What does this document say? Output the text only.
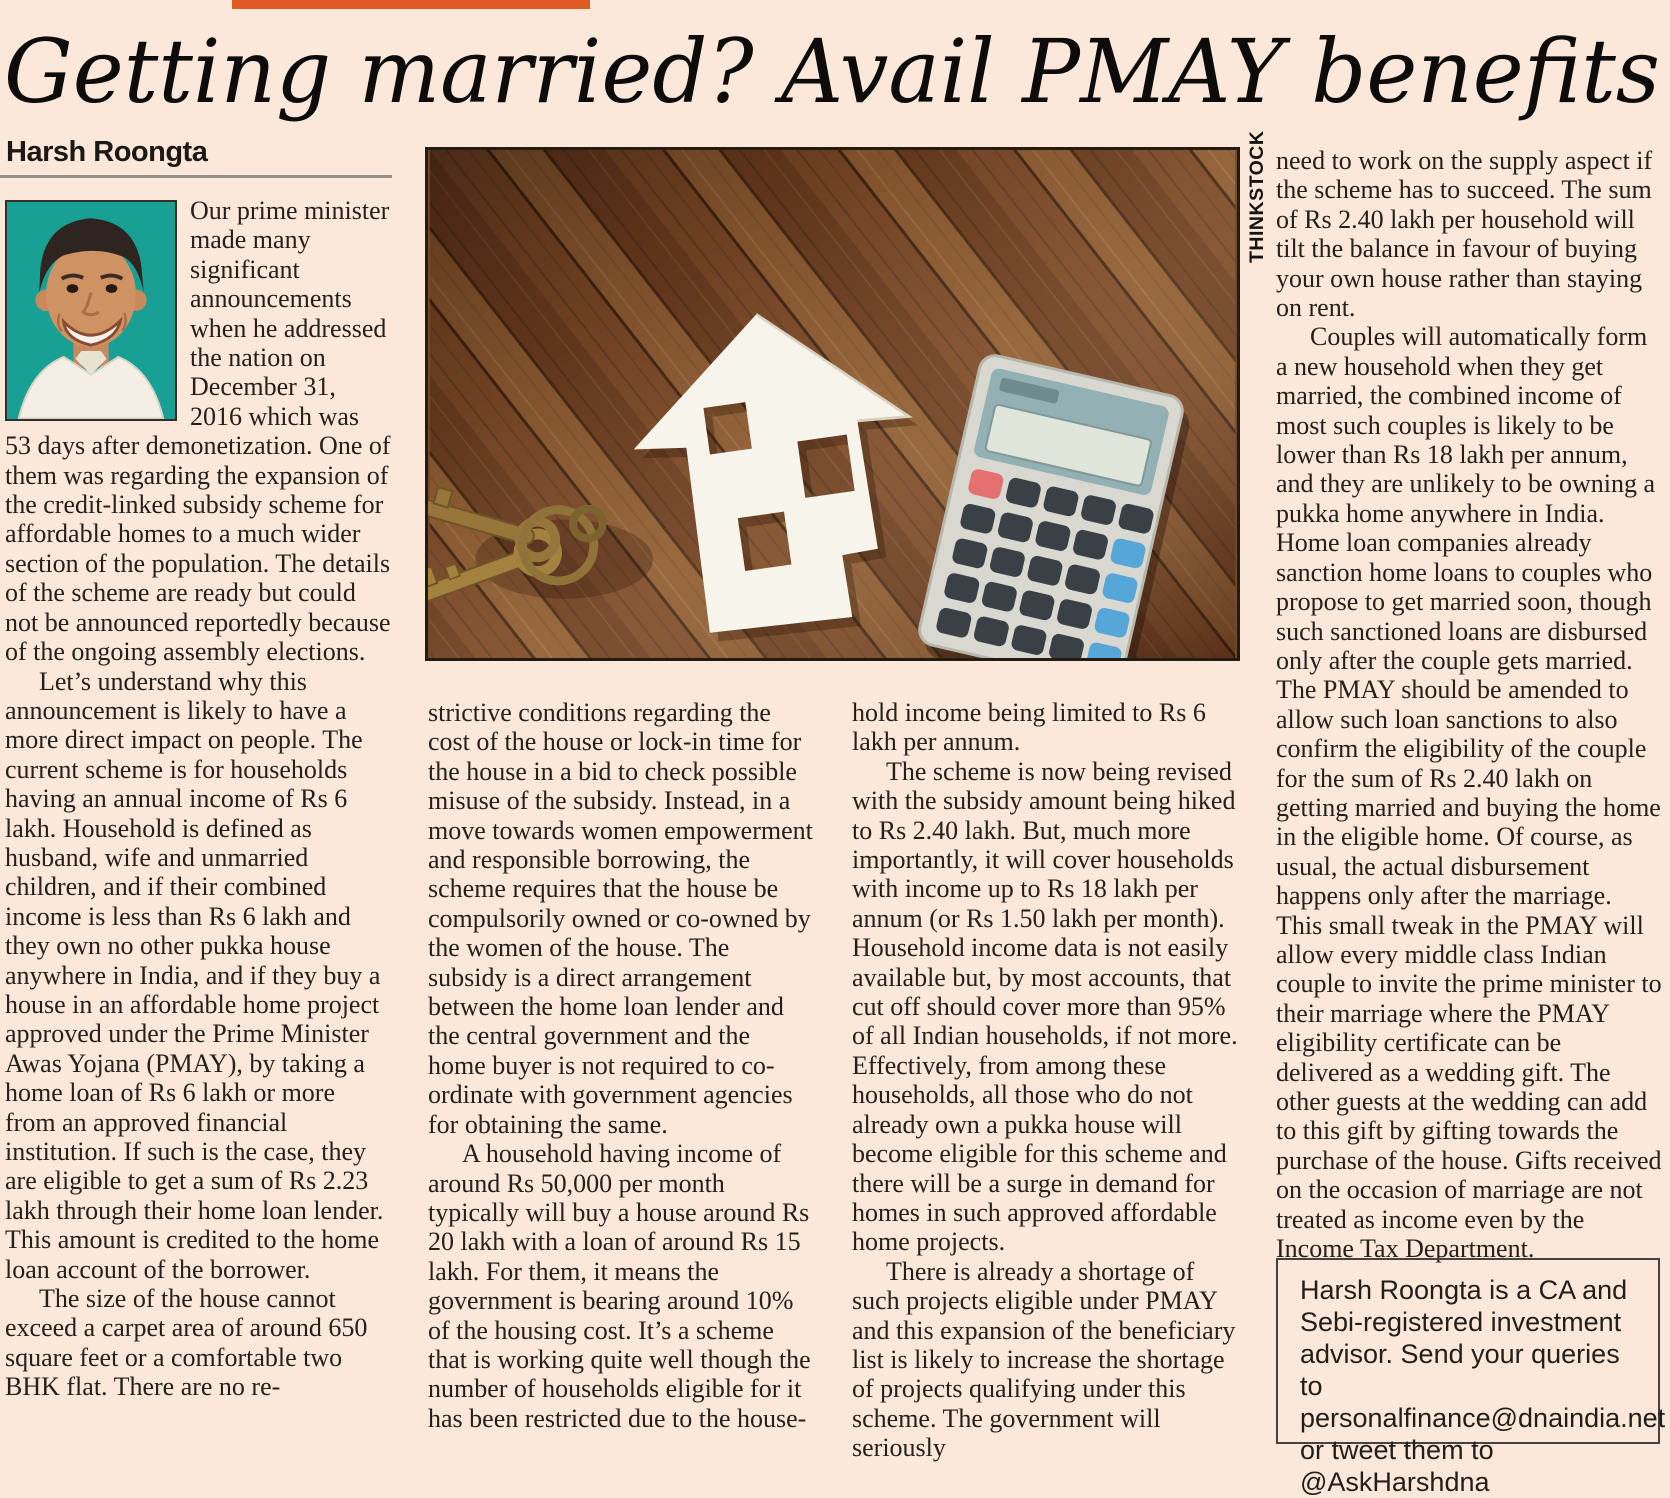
Getting married? Avail PMAY benefits
Harsh Roongta

Our prime minister made many significant announcements when he addressed the nation on December 31, 2016 which was 53 days after demonetization. One of them was regarding the expansion of the credit-linked subsidy scheme for affordable homes to a much wider section of the population. The details of the scheme are ready but could not be announced reportedly because of the ongoing assembly elections.

Let’s understand why this announcement is likely to have a more direct impact on people. The current scheme is for households having an annual income of Rs 6 lakh. Household is defined as husband, wife and unmarried children, and if their combined income is less than Rs 6 lakh and they own no other pukka house anywhere in India, and if they buy a house in an affordable home project approved under the Prime Minister Awas Yojana (PMAY), by taking a home loan of Rs 6 lakh or more from an approved financial institution. If such is the case, they are eligible to get a sum of Rs 2.23 lakh through their home loan lender. This amount is credited to the home loan account of the borrower.

The size of the house cannot exceed a carpet area of around 650 square feet or a comfortable two BHK flat. There are no re-

THINKSTOCK

strictive conditions regarding the cost of the house or lock-in time for the house in a bid to check possible misuse of the subsidy. Instead, in a move towards women empowerment and responsible borrowing, the scheme requires that the house be compulsorily owned or co-owned by the women of the house. The subsidy is a direct arrangement between the home loan lender and the central government and the home buyer is not required to co-ordinate with government agencies for obtaining the same.

A household having income of around Rs 50,000 per month typically will buy a house around Rs 20 lakh with a loan of around Rs 15 lakh. For them, it means the government is bearing around 10% of the housing cost. It’s a scheme that is working quite well though the number of households eligible for it has been restricted due to the house-

hold income being limited to Rs 6 lakh per annum.

The scheme is now being revised with the subsidy amount being hiked to Rs 2.40 lakh. But, much more importantly, it will cover households with income up to Rs 18 lakh per annum (or Rs 1.50 lakh per month). Household income data is not easily available but, by most accounts, that cut off should cover more than 95% of all Indian households, if not more. Effectively, from among these households, all those who do not already own a pukka house will become eligible for this scheme and there will be a surge in demand for homes in such approved affordable home projects.

There is already a shortage of such projects eligible under PMAY and this expansion of the beneficiary list is likely to increase the shortage of projects qualifying under this scheme. The government will seriously

need to work on the supply aspect if the scheme has to succeed. The sum of Rs 2.40 lakh per household will tilt the balance in favour of buying your own house rather than staying on rent.

Couples will automatically form a new household when they get married, the combined income of most such couples is likely to be lower than Rs 18 lakh per annum, and they are unlikely to be owning a pukka home anywhere in India. Home loan companies already sanction home loans to couples who propose to get married soon, though such sanctioned loans are disbursed only after the couple gets married. The PMAY should be amended to allow such loan sanctions to also confirm the eligibility of the couple for the sum of Rs 2.40 lakh on getting married and buying the home in the eligible home. Of course, as usual, the actual disbursement happens only after the marriage. This small tweak in the PMAY will allow every middle class Indian couple to invite the prime minister to their marriage where the PMAY eligibility certificate can be delivered as a wedding gift. The other guests at the wedding can add to this gift by gifting towards the purchase of the house. Gifts received on the occasion of marriage are not treated as income even by the Income Tax Department.

Harsh Roongta is a CA and Sebi-registered investment advisor. Send your queries to personalfinance@dnaindia.net or tweet them to @AskHarshdna
